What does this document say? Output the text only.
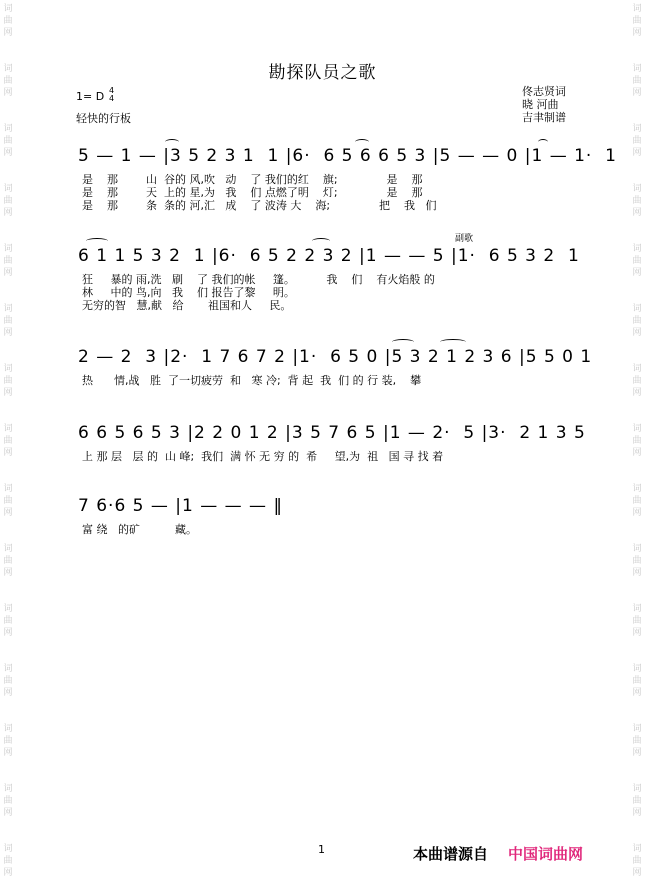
词
曲
网
词
曲
网
词
曲
网
词
曲
网
词
曲
网
词
曲
网
词
曲
网
词
曲
网
词
曲
网
词
曲
网
词
曲
网
词
曲
网
词
曲
网
词
曲
网
词
曲
网
词
曲
网
词
曲
网
词
曲
网
词
曲
网
词
曲
网
词
曲
网
词
曲
网
词
曲
网
词
曲
网
词
曲
网
词
曲
网
词
曲
网
词
曲
网
词
曲
网
词
曲
网
勘探队员之歌
1= D 4
4
轻快的行板
佟志贤词
晓 河曲
吉聿制谱
副歌
5 — 1 — |3 5 2 3 1  1 |6·  6 5 6 6 5 3 |5 — — 0 |1 — 1·  1
是    那        山  谷的 风,吹   动    了 我们的红    旗;              是    那
是    那        天  上的 星,为   我    们 点燃了明    灯;              是    那
是    那        条  条的 河,汇   成    了 波涛 大    海;              把    我   们
6 1 1 5 3 2  1 |6·  6 5 2 2 3 2 |1 — — 5 |1·  6 5 3 2  1
狂     暴的 雨,洗   刷    了 我们的帐     篷。         我    们    有火焰般 的
林     中的 鸟,向   我    们 报告了黎     明。
无穷的智   慧,献   给       祖国和人     民。
2 — 2  3 |2·  1 7 6 7 2 |1·  6 5 0 |5 3 2 1 2 3 6 |5 5 0 1
热      情,战   胜  了一切疲劳  和   寒 冷;  背 起  我  们 的 行 装,    攀
6 6 5 6 5 3 |2 2 0 1 2 |3 5 7 6 5 |1 — 2·  5 |3·  2 1 3 5
上 那 层   层 的  山 峰;  我们  满 怀 无 穷 的  希     望,为  祖   国 寻 找 着
7 6·6 5 — |1 — — — ‖
富 绕   的矿          藏。
1	本曲谱源自 中国词曲网
